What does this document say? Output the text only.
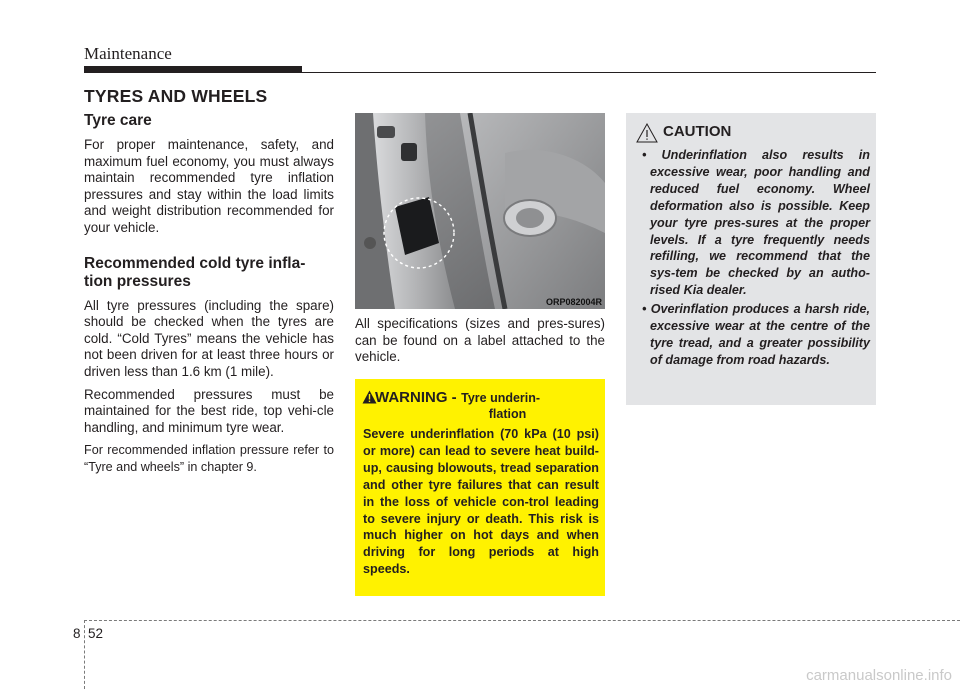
Maintenance
TYRES AND WHEELS

Tyre care

For proper maintenance, safety, and maximum fuel economy, you must always maintain recommended tyre inflation pressures and stay within the load limits and weight distribution recommended for your vehicle.

Recommended cold tyre infla-

tion pressures

All tyre pressures (including the spare) should be checked when the tyres are cold. “Cold Tyres” means the vehicle has not been driven for at least three hours or driven less than 1.6 km (1 mile).

Recommended pressures must be maintained for the best ride, top vehi-cle handling, and minimum tyre wear.

For recommended inflation pressure refer to “Tyre and wheels” in chapter 9.

ORP082004R

All specifications (sizes and pres-sures) can be found on a label attached to the vehicle.

WARNING - Tyre underin-
flation
Severe underinflation (70 kPa (10 psi) or more) can lead to severe heat build-up, causing blowouts, tread separation and other tyre failures that can result in the loss of vehicle con-trol leading to severe injury or death. This risk is much higher on hot days and when driving for long periods at high speeds.
CAUTION
• Underinflation also results in excessive wear, poor handling and reduced fuel economy. Wheel deformation also is possible. Keep your tyre pres-sures at the proper levels. If a tyre frequently needs refilling, we recommend that the sys-tem be checked by an autho-rised Kia dealer.
• Overinflation produces a harsh ride, excessive wear at the centre of the tyre tread, and a greater possibility of damage from road hazards.
8 52
carmanualsonline.info
